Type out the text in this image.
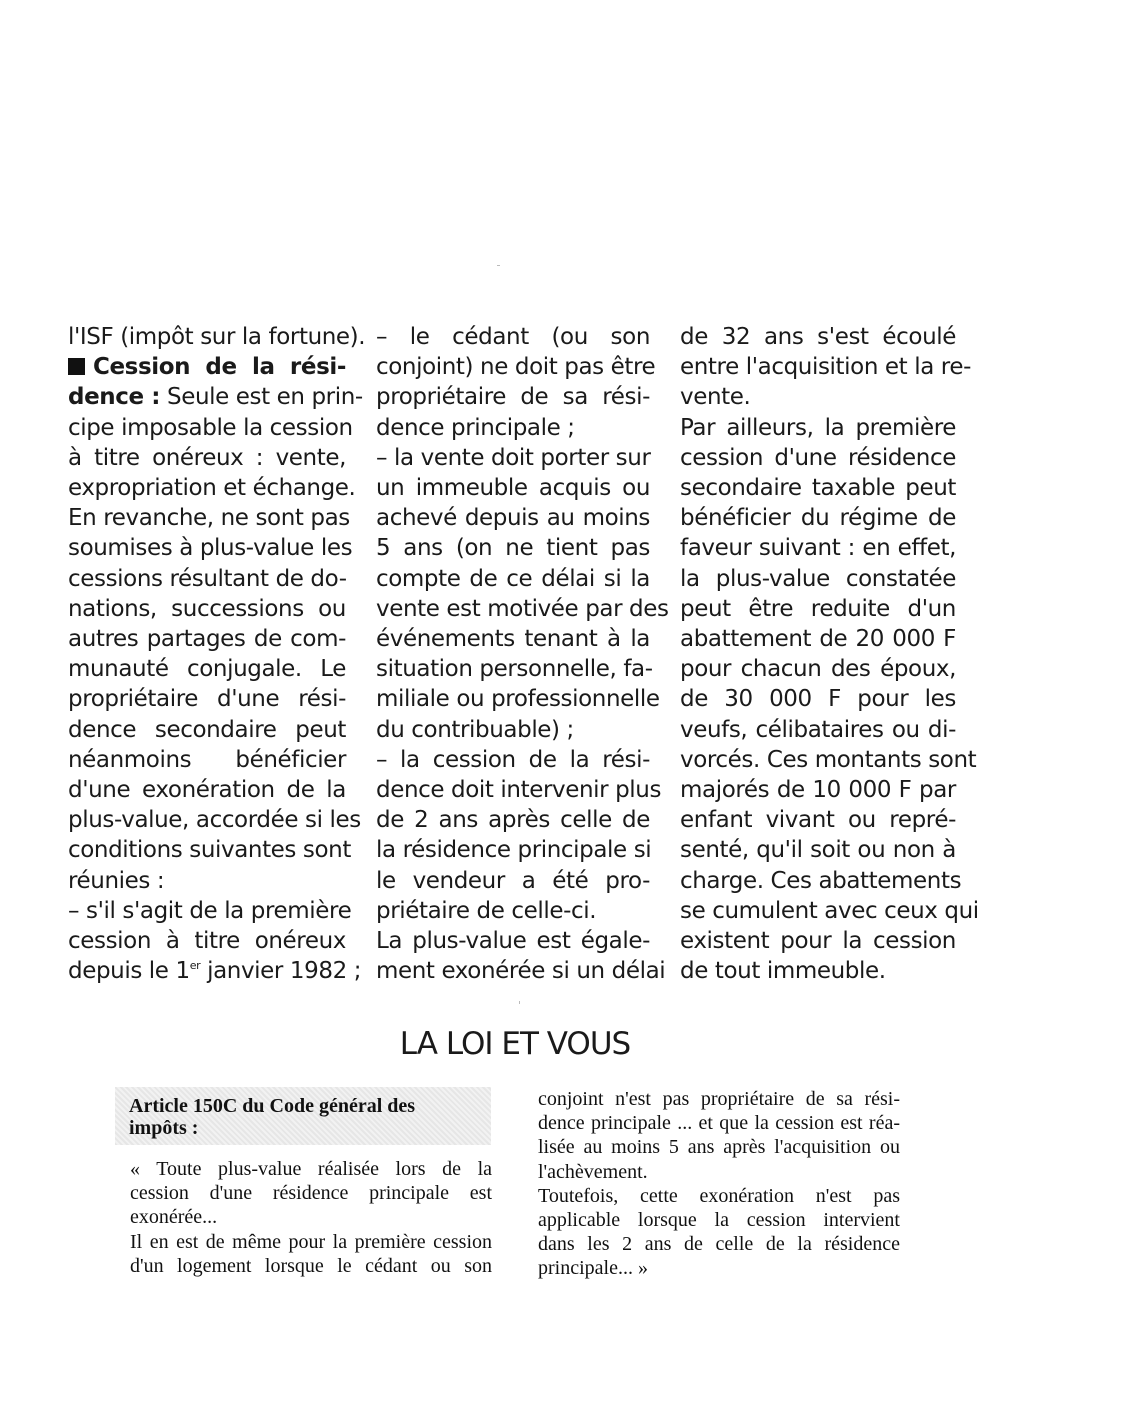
l'ISF (impôt sur la fortune).
Cession de la rési-
dence : Seule est en prin-
cipe imposable la cession
à titre onéreux : vente,
expropriation et échange.
En revanche, ne sont pas
soumises à plus-value les
cessions résultant de do-
nations, successions ou
autres partages de com-
munauté conjugale. Le
propriétaire d'une rési-
dence secondaire peut
néanmoins bénéficier
d'une exonération de la
plus-value, accordée si les
conditions suivantes sont
réunies :
– s'il s'agit de la première
cession à titre onéreux
depuis le 1er janvier 1982 ;
– le cédant (ou son
conjoint) ne doit pas être
propriétaire de sa rési-
dence principale ;
– la vente doit porter sur
un immeuble acquis ou
achevé depuis au moins
5 ans (on ne tient pas
compte de ce délai si la
vente est motivée par des
événements tenant à la
situation personnelle, fa-
miliale ou professionnelle
du contribuable) ;
– la cession de la rési-
dence doit intervenir plus
de 2 ans après celle de
la résidence principale si
le vendeur a été pro-
priétaire de celle-ci.
La plus-value est égale-
ment exonérée si un délai
de 32 ans s'est écoulé
entre l'acquisition et la re-
vente.
Par ailleurs, la première
cession d'une résidence
secondaire taxable peut
bénéficier du régime de
faveur suivant : en effet,
la plus-value constatée
peut être reduite d'un
abattement de 20 000 F
pour chacun des époux,
de 30 000 F pour les
veufs, célibataires ou di-
vorcés. Ces montants sont
majorés de 10 000 F par
enfant vivant ou repré-
senté, qu'il soit ou non à
charge. Ces abattements
se cumulent avec ceux qui
existent pour la cession
de tout immeuble.
LA LOI ET VOUS
Article 150C du Code général des
impôts :
« Toute plus-value réalisée lors de la
cession d'une résidence principale est
exonérée...
Il en est de même pour la première cession
d'un logement lorsque le cédant ou son
conjoint n'est pas propriétaire de sa rési-
dence principale ... et que la cession est réa-
lisée au moins 5 ans après l'acquisition ou
l'achèvement.
Toutefois, cette exonération n'est pas
applicable lorsque la cession intervient
dans les 2 ans de celle de la résidence
principale... »
